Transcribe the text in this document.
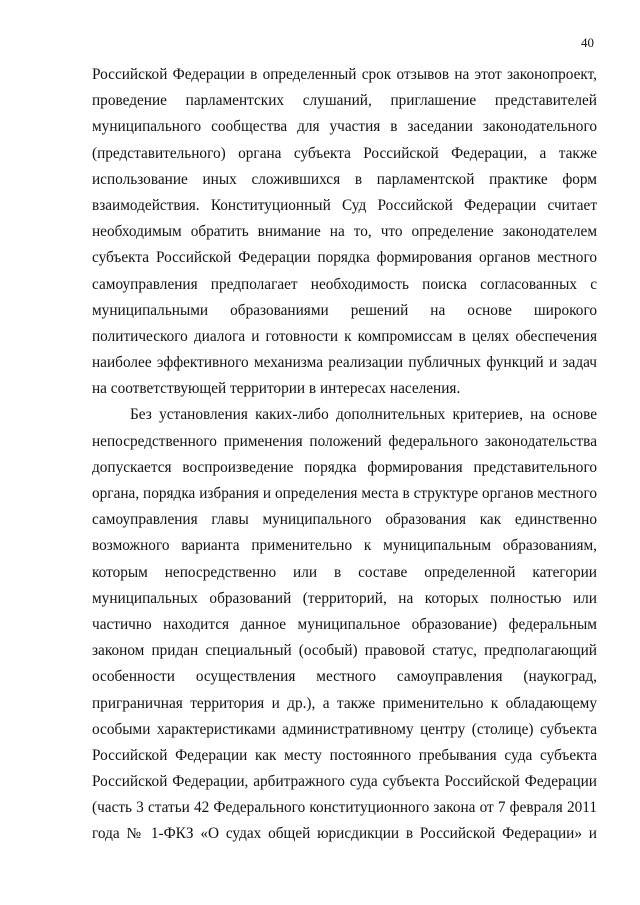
40
Российской Федерации в определенный срок отзывов на этот законопроект,
проведение парламентских слушаний, приглашение представителей
муниципального сообщества для участия в заседании законодательного
(представительного) органа субъекта Российской Федерации, а также
использование иных сложившихся в парламентской практике форм
взаимодействия. Конституционный Суд Российской Федерации считает
необходимым обратить внимание на то, что определение законодателем
субъекта Российской Федерации порядка формирования органов местного
самоуправления предполагает необходимость поиска согласованных с
муниципальными образованиями решений на основе широкого
политического диалога и готовности к компромиссам в целях обеспечения
наиболее эффективного механизма реализации публичных функций и задач
на соответствующей территории в интересах населения.
Без установления каких-либо дополнительных критериев, на основе
непосредственного применения положений федерального законодательства
допускается воспроизведение порядка формирования представительного
органа, порядка избрания и определения места в структуре органов местного
самоуправления главы муниципального образования как единственно
возможного варианта применительно к муниципальным образованиям,
которым непосредственно или в составе определенной категории
муниципальных образований (территорий, на которых полностью или
частично находится данное муниципальное образование) федеральным
законом придан специальный (особый) правовой статус, предполагающий
особенности осуществления местного самоуправления (наукоград,
приграничная территория и др.), а также применительно к обладающему
особыми характеристиками административному центру (столице) субъекта
Российской Федерации как месту постоянного пребывания суда субъекта
Российской Федерации, арбитражного суда субъекта Российской Федерации
(часть 3 статьи 42 Федерального конституционного закона от 7 февраля 2011
года № 1-ФКЗ «О судах общей юрисдикции в Российской Федерации» и
